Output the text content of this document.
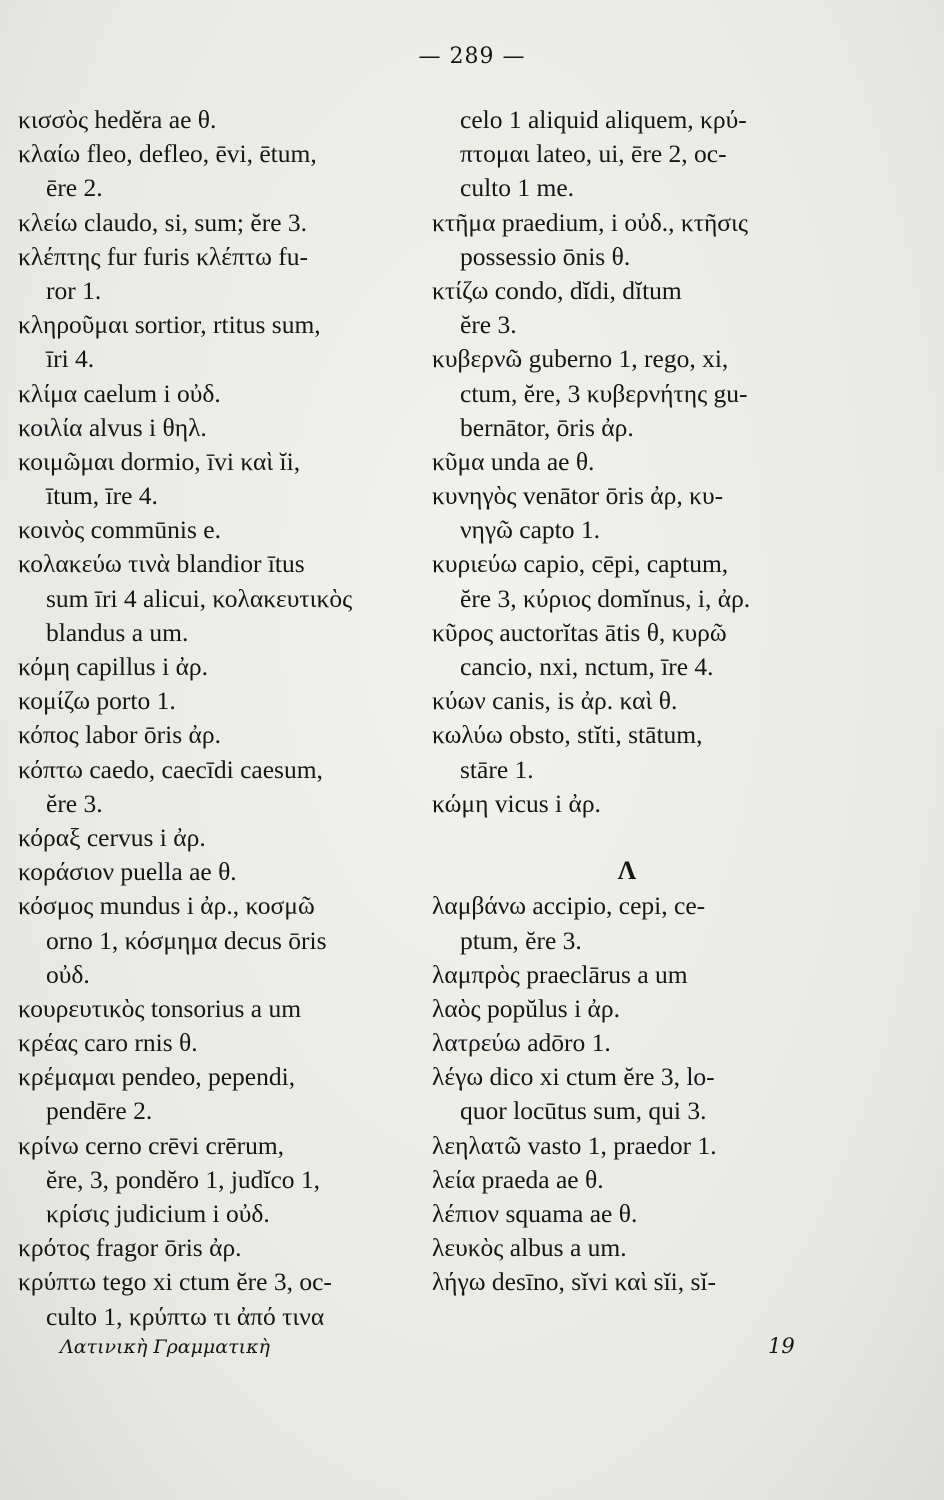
— 289 —
κισσὸς hedĕra ae θ.
κλαίω fleo, defleo, ēvi, ētum,
ēre 2.
κλείω claudo, si, sum; ĕre 3.
κλέπτης fur furis κλέπτω fu-
ror 1.
κληροῦμαι sortior, rtitus sum,
īri 4.
κλίμα caelum i οὐδ.
κοιλία alvus i θηλ.
κοιμῶμαι dormio, īvi καὶ ĭi,
ītum, īre 4.
κοινὸς commūnis e.
κολακεύω τινὰ blandior ītus
sum īri 4 alicui, κολακευτικὸς
blandus a um.
κόμη capillus i ἀρ.
κομίζω porto 1.
κόπος labor ōris ἀρ.
κόπτω caedo, caecīdi caesum,
ĕre 3.
κόραξ cervus i ἀρ.
κοράσιον puella ae θ.
κόσμος mundus i ἀρ., κοσμῶ
orno 1, κόσμημα decus ōris
οὐδ.
κουρευτικὸς tonsorius a um
κρέας caro rnis θ.
κρέμαμαι pendeo, pependi,
pendēre 2.
κρίνω cerno crēvi crērum,
ĕre, 3, pondĕro 1, judĭco 1,
κρίσις judicium i οὐδ.
κρότος fragor ōris ἀρ.
κρύπτω tego xi ctum ĕre 3, oc-
culto 1, κρύπτω τι ἀπό τινα
celo 1 aliquid aliquem, κρύ-
πτομαι lateo, ui, ēre 2, oc-
culto 1 me.
κτῆμα praedium, i οὐδ., κτῆσις
possessio ōnis θ.
κτίζω condo, dĭdi, dĭtum
ĕre 3.
κυβερνῶ guberno 1, rego, xi,
ctum, ĕre, 3 κυβερνήτης gu-
bernātor, ōris ἀρ.
κῦμα unda ae θ.
κυνηγὸς venātor ōris ἀρ, κυ-
νηγῶ capto 1.
κυριεύω capio, cēpi, captum,
ĕre 3, κύριος domĭnus, i, ἀρ.
κῦρος auctorĭtas ātis θ, κυρῶ
cancio, nxi, nctum, īre 4.
κύων canis, is ἀρ. καὶ θ.
κωλύω obsto, stĭti, stātum,
stāre 1.
κώμη vicus i ἀρ.
Λ
λαμβάνω accipio, cepi, ce-
ptum, ĕre 3.
λαμπρὸς praeclārus a um
λαὸς popŭlus i ἀρ.
λατρεύω adōro 1.
λέγω dico xi ctum ĕre 3, lo-
quor locūtus sum, qui 3.
λεηλατῶ vasto 1, praedor 1.
λεία praeda ae θ.
λέπιον squama ae θ.
λευκὸς albus a um.
λήγω desīno, sĭvi καὶ sĭi, sĭ-
Λατινικὴ Γραμματικὴ	19
